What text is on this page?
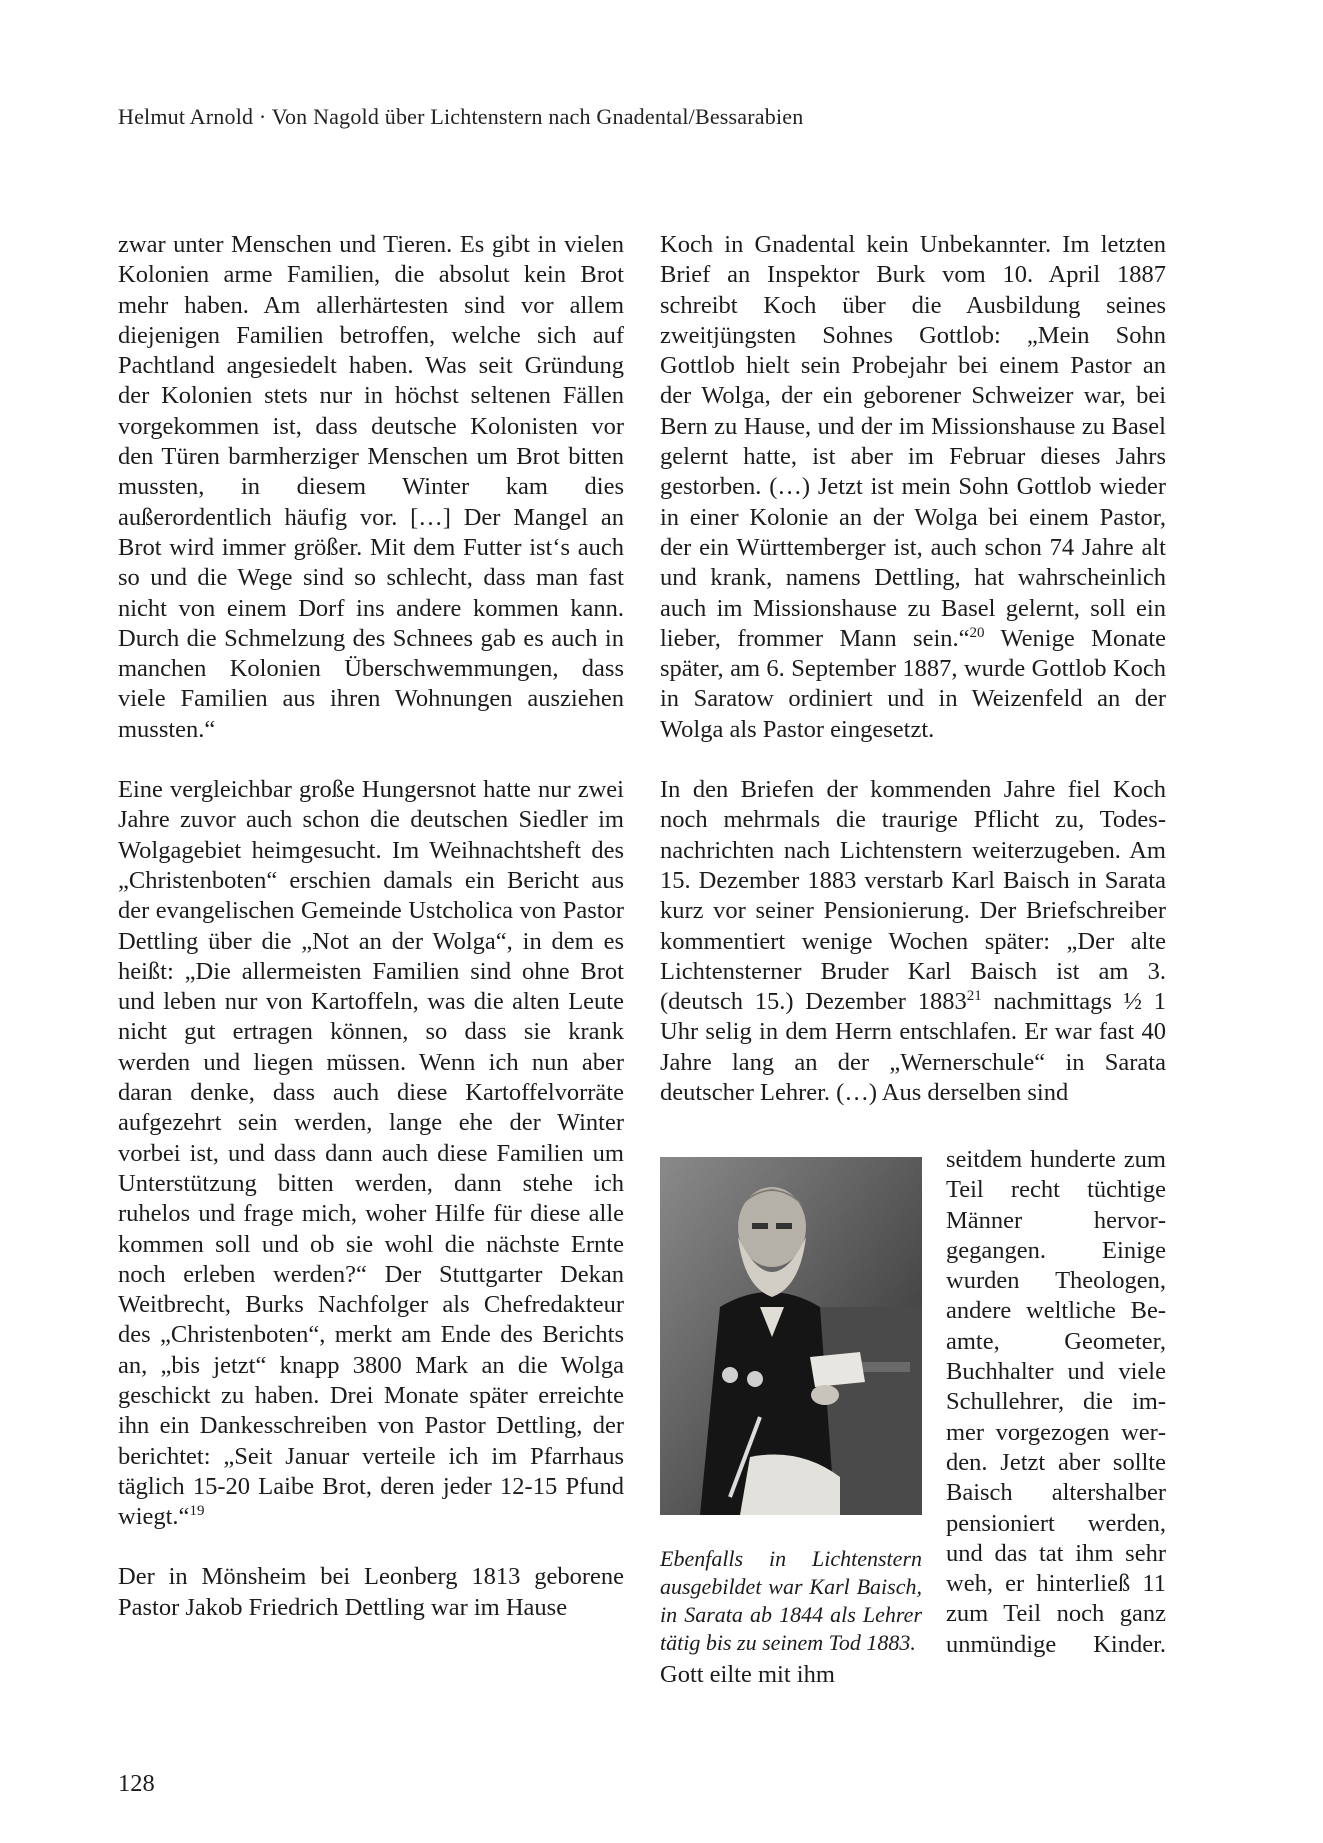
Helmut Arnold · Von Nagold über Lichtenstern nach Gnadental/Bessarabien

zwar unter Menschen und Tieren. Es gibt in vielen Kolonien arme Familien, die absolut kein Brot mehr haben. Am allerhärtesten sind vor allem diejenigen Familien betroffen, welche sich auf Pachtland angesiedelt haben. Was seit Gründung der Kolonien stets nur in höchst seltenen Fällen vorgekommen ist, dass deutsche Kolonisten vor den Türen barmherziger Menschen um Brot bitten mussten, in diesem Winter kam dies außerordentlich häufig vor. […] Der Mangel an Brot wird immer größer. Mit dem Futter ist‘s auch so und die Wege sind so schlecht, dass man fast nicht von einem Dorf ins andere kommen kann. Durch die Schmelzung des Schnees gab es auch in manchen Kolonien Überschwemmungen, dass viele Familien aus ihren Wohnungen ausziehen mussten.“

Eine vergleichbar große Hungersnot hatte nur zwei Jahre zuvor auch schon die deutschen Siedler im Wolgagebiet heimgesucht. Im Weihnachtsheft des „Christenboten“ erschien damals ein Bericht aus der evangelischen Gemeinde Ustcholica von Pastor Dettling über die „Not an der Wolga“, in dem es heißt: „Die allermeisten Familien sind ohne Brot und leben nur von Kartoffeln, was die alten Leute nicht gut ertragen können, so dass sie krank werden und liegen müssen. Wenn ich nun aber daran denke, dass auch diese Kartoffelvorräte aufgezehrt sein werden, lange ehe der Winter vorbei ist, und dass dann auch diese Familien um Unterstützung bitten werden, dann stehe ich ruhelos und frage mich, woher Hilfe für diese alle kommen soll und ob sie wohl die nächste Ernte noch erleben werden?“ Der Stuttgarter Dekan Weitbrecht, Burks Nachfolger als Chefredakteur des „Christenboten“, merkt am Ende des Berichts an, „bis jetzt“ knapp 3800 Mark an die Wolga geschickt zu haben. Drei Monate später erreichte ihn ein Dankesschreiben von Pastor Dettling, der berichtet: „Seit Januar verteile ich im Pfarrhaus täglich 15-20 Laibe Brot, deren jeder 12-15 Pfund wiegt.“$^{19}$

Der in Mönsheim bei Leonberg 1813 geborene Pastor Jakob Friedrich Dettling war im Hause

Koch in Gnadental kein Unbekannter. Im letzten Brief an Inspektor Burk vom 10. April 1887 schreibt Koch über die Ausbildung seines zweitjüngsten Sohnes Gottlob: „Mein Sohn Gottlob hielt sein Probejahr bei einem Pastor an der Wolga, der ein geborener Schweizer war, bei Bern zu Hause, und der im Missionshause zu Basel gelernt hatte, ist aber im Februar dieses Jahrs gestorben. (…) Jetzt ist mein Sohn Gottlob wieder in einer Kolonie an der Wolga bei einem Pastor, der ein Württemberger ist, auch schon 74 Jahre alt und krank, namens Dettling, hat wahrscheinlich auch im Missionshause zu Basel gelernt, soll ein lieber, frommer Mann sein.“$^{20}$ Wenige Monate später, am 6. September 1887, wurde Gottlob Koch in Saratow ordiniert und in Weizenfeld an der Wolga als Pastor eingesetzt.

In den Briefen der kommenden Jahre fiel Koch noch mehrmals die traurige Pflicht zu, Todesnachrichten nach Lichtenstern weiterzugeben. Am 15. Dezember 1883 verstarb Karl Baisch in Sarata kurz vor seiner Pensionierung. Der Briefschreiber kommentiert wenige Wochen später: „Der alte Lichtensterner Bruder Karl Baisch ist am 3. (deutsch 15.) Dezember 1883$^{21}$ nachmittags ½ 1 Uhr selig in dem Herrn entschlafen. Er war fast 40 Jahre lang an der „Wernerschule“ in Sarata deutscher Lehrer. (…) Aus derselben sind

Ebenfalls in Lichtenstern ausgebildet war Karl Baisch, in Sarata ab 1844 als Lehrer tätig bis zu seinem Tod 1883.
seitdem hunderte zum Teil recht tüchtige Männer hervorgegangen. Einige wurden Theologen, andere weltliche Beamte, Geometer, Buchhalter und viele Schullehrer, die immer vorgezogen werden. Jetzt aber sollte Baisch altershalber pensioniert werden, und das tat ihm sehr weh, er hinterließ 11 zum Teil noch ganz unmündige Kinder. Gott eilte mit ihm
128
